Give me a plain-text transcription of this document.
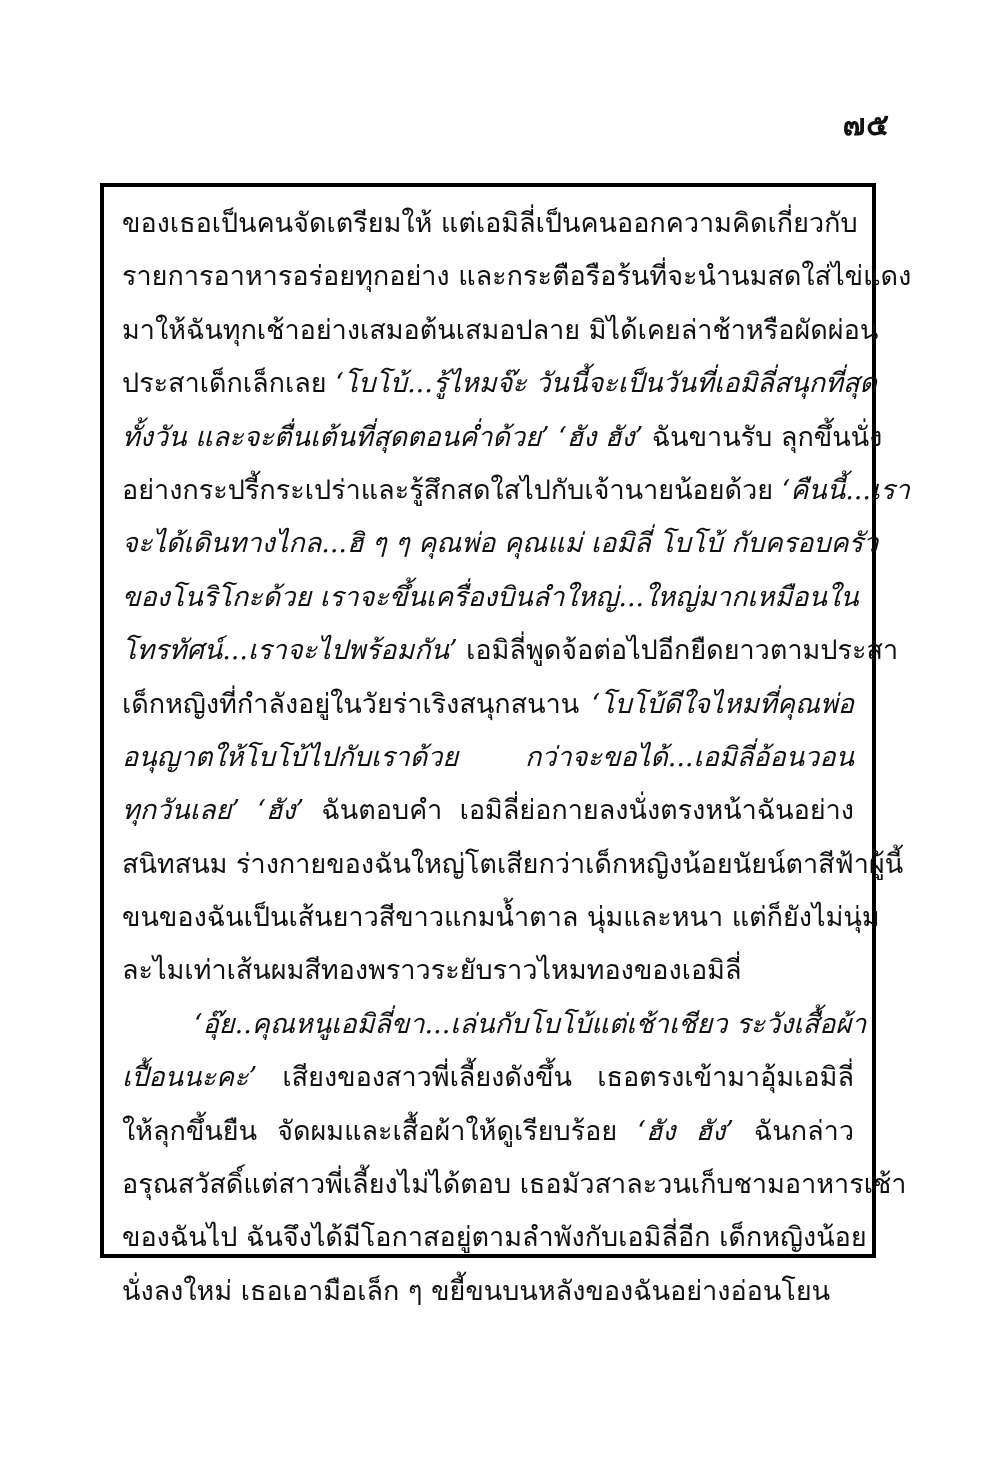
๗๕
ของเธอเป็นคนจัดเตรียมให้ แต่เอมิลี่เป็นคนออกความคิดเกี่ยวกับ
รายการอาหารอร่อยทุกอย่าง และกระตือรือร้นที่จะนำนมสดใส่ไข่แดง
มาให้ฉันทุกเช้าอย่างเสมอต้นเสมอปลาย มิได้เคยล่าช้าหรือผัดผ่อน
ประสาเด็กเล็กเลย ‘โบโบ้...รู้ไหมจ๊ะ วันนี้จะเป็นวันที่เอมิลี่สนุกที่สุด
ทั้งวัน และจะตื่นเต้นที่สุดตอนค่ำด้วย’ ‘ฮัง ฮัง’ ฉันขานรับ ลุกขึ้นนั่ง
อย่างกระปรี้กระเปร่าและรู้สึกสดใสไปกับเจ้านายน้อยด้วย ‘คืนนี้...เรา
จะได้เดินทางไกล...ฮิ ๆ ๆ คุณพ่อ คุณแม่ เอมิลี่ โบโบ้ กับครอบครัว
ของโนริโกะด้วย เราจะขึ้นเครื่องบินลำใหญ่...ใหญ่มากเหมือนใน
โทรทัศน์...เราจะไปพร้อมกัน’ เอมิลี่พูดจ้อต่อไปอีกยืดยาวตามประสา
เด็กหญิงที่กำลังอยู่ในวัยร่าเริงสนุกสนาน ‘โบโบ้ดีใจไหมที่คุณพ่อ
อนุญาตให้โบโบ้ไปกับเราด้วย กว่าจะขอได้...เอมิลี่อ้อนวอน
ทุกวันเลย’ ‘ฮัง’ ฉันตอบคำ เอมิลี่ย่อกายลงนั่งตรงหน้าฉันอย่าง
สนิทสนม ร่างกายของฉันใหญ่โตเสียกว่าเด็กหญิงน้อยนัยน์ตาสีฟ้าผู้นี้
ขนของฉันเป็นเส้นยาวสีขาวแกมน้ำตาล นุ่มและหนา แต่ก็ยังไม่นุ่ม
ละไมเท่าเส้นผมสีทองพราวระยับราวไหมทองของเอมิลี่
‘อุ๊ย..คุณหนูเอมิลี่ขา...เล่นกับโบโบ้แต่เช้าเชียว ระวังเสื้อผ้า
เปื้อนนะคะ’ เสียงของสาวพี่เลี้ยงดังขึ้น เธอตรงเข้ามาอุ้มเอมิลี่
ให้ลุกขึ้นยืน จัดผมและเสื้อผ้าให้ดูเรียบร้อย ‘ฮัง ฮัง’ ฉันกล่าว
อรุณสวัสดิ์แต่สาวพี่เลี้ยงไม่ได้ตอบ เธอมัวสาละวนเก็บชามอาหารเช้า
ของฉันไป ฉันจึงได้มีโอกาสอยู่ตามลำพังกับเอมิลี่อีก เด็กหญิงน้อย
นั่งลงใหม่ เธอเอามือเล็ก ๆ ขยี้ขนบนหลังของฉันอย่างอ่อนโยน
